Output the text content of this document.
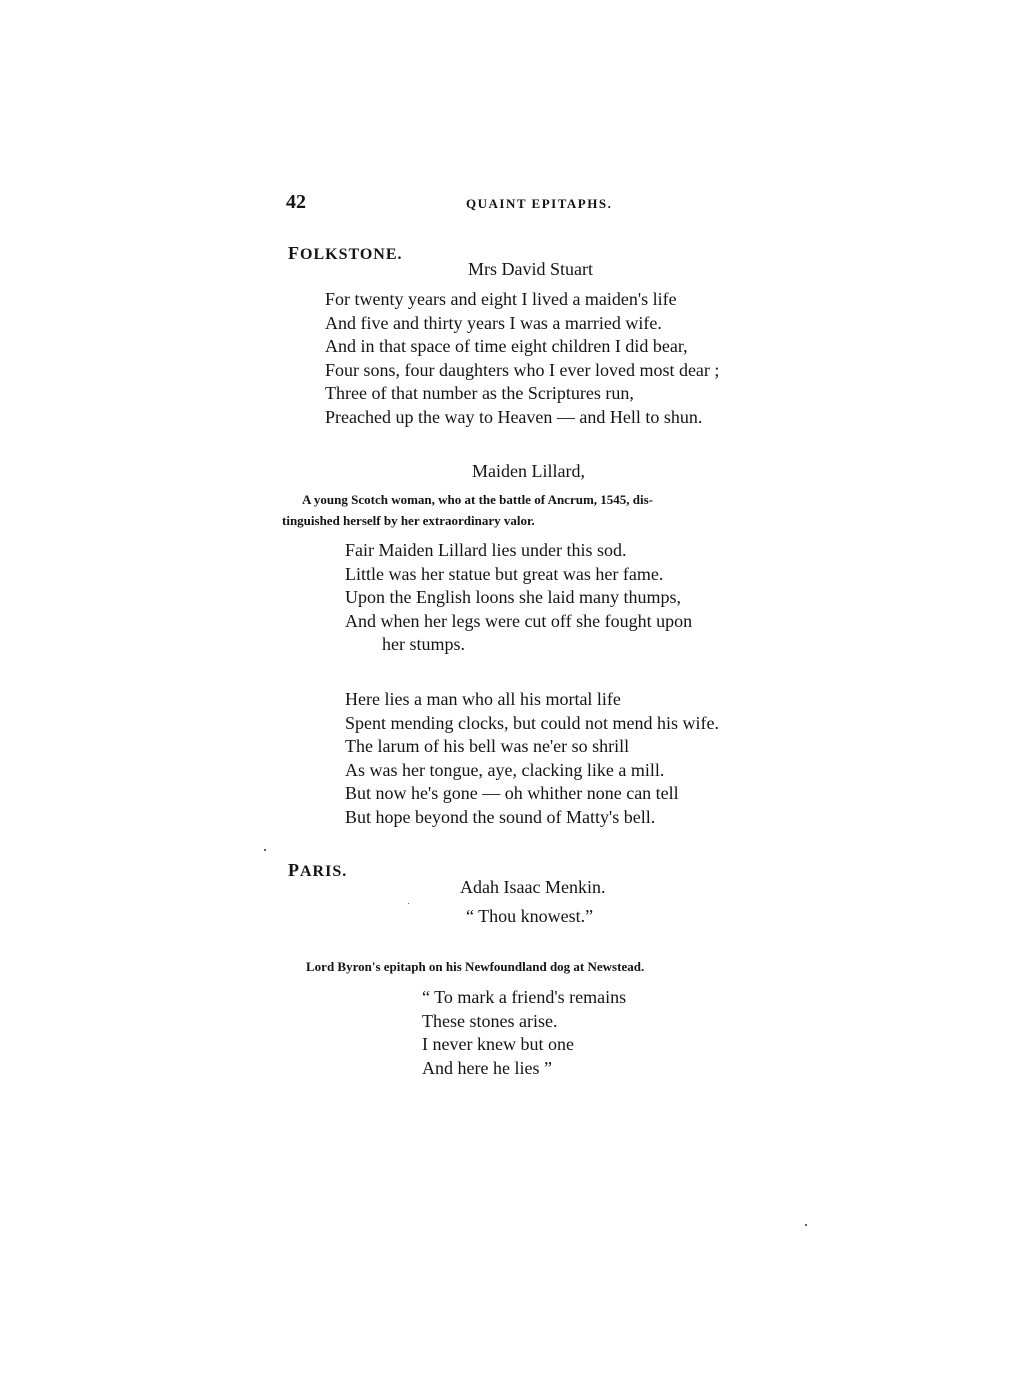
42	QUAINT EPITAPHS.
FOLKSTONE.
Mrs David Stuart
For twenty years and eight I lived a maiden's life
And five and thirty years I was a married wife.
And in that space of time eight children I did bear,
Four sons, four daughters who I ever loved most dear ;
Three of that number as the Scriptures run,
Preached up the way to Heaven — and Hell to shun.
Maiden Lillard,
A young Scotch woman, who at the battle of Ancrum, 1545, dis-
tinguished herself by her extraordinary valor.
Fair Maiden Lillard lies under this sod.
Little was her statue but great was her fame.
Upon the English loons she laid many thumps,
And when her legs were cut off she fought upon
her stumps.
Here lies a man who all his mortal life
Spent mending clocks, but could not mend his wife.
The larum of his bell was ne'er so shrill
As was her tongue, aye, clacking like a mill.
But now he's gone — oh whither none can tell
But hope beyond the sound of Matty's bell.
PARIS.
Adah Isaac Menkin.
“ Thou knowest.”
Lord Byron's epitaph on his Newfoundland dog at Newstead.
“ To mark a friend's remains
These stones arise.
I never knew but one
And here he lies ”
